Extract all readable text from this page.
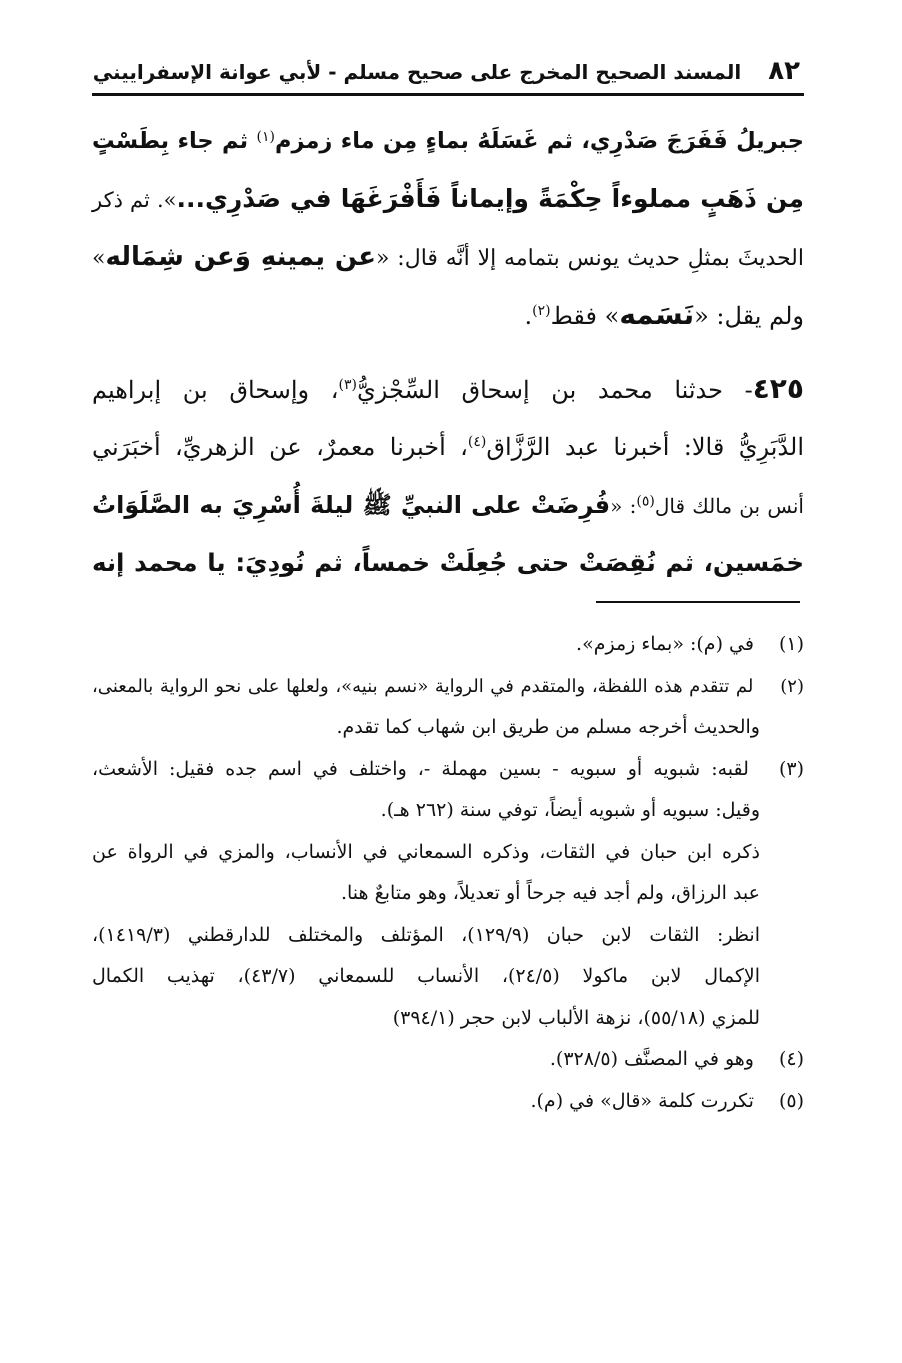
٨٢
المسند الصحيح المخرج على صحيح مسلم - لأبي عوانة الإسفراييني
جبريلُ فَفَرَجَ صَدْرِي، ثم غَسَلَهُ بماءٍ مِن ماء زمزم$^{(١)}$ ثم جاء بِطَسْتٍ
مِن ذَهَبٍ مملوءاً حِكْمَةً وإيماناً فَأَفْرَغَهَا في صَدْرِي...». ثم ذكر
الحديثَ بمثلِ حديث يونس بتمامه إلا أنَّه قال: «عن يمينهِ وَعن شِمَاله»
ولم يقل: «نَسَمه» فقط$^{(٢)}$.
٤٢٥- حدثنا محمد بن إسحاق السِّجْزيُّ$^{(٣)}$، وإسحاق بن إبراهيم
الدَّبَرِيُّ قالا: أخبرنا عبد الرَّزَّاق$^{(٤)}$، أخبرنا معمرٌ، عن الزهريِّ، أخبَرَني
أنس بن مالك قال$^{(٥)}$: «فُرِضَتْ على النبيِّ ﷺ ليلةَ أُسْرِيَ به الصَّلَوَاتُ
خمَسين، ثم نُقِصَتْ حتى جُعِلَتْ خمساً، ثم نُودِيَ: يا محمد إنه
(١) في (م): «بماء زمزم».
(٢) لم تتقدم هذه اللفظة، والمتقدم في الرواية «نسم بنيه»، ولعلها على نحو الرواية بالمعنى،
والحديث أخرجه مسلم من طريق ابن شهاب كما تقدم.
(٣) لقبه: شبويه أو سبويه - بسين مهملة -، واختلف في اسم جده فقيل: الأشعث،
وقيل: سبويه أو شبويه أيضاً، توفي سنة (٢٦٢ هـ).
ذكره ابن حبان في الثقات، وذكره السمعاني في الأنساب، والمزي في الرواة عن
عبد الرزاق، ولم أجد فيه جرحاً أو تعديلاً، وهو متابعٌ هنا.
انظر: الثقات لابن حبان (١٢٩/٩)، المؤتلف والمختلف للدارقطني (١٤١٩/٣)،
الإكمال لابن ماكولا (٢٤/٥)، الأنساب للسمعاني (٤٣/٧)، تهذيب الكمال
للمزي (٥٥/١٨)، نزهة الألباب لابن حجر (٣٩٤/١)
(٤) وهو في المصنَّف (٣٢٨/٥).
(٥) تكررت كلمة «قال» في (م).
